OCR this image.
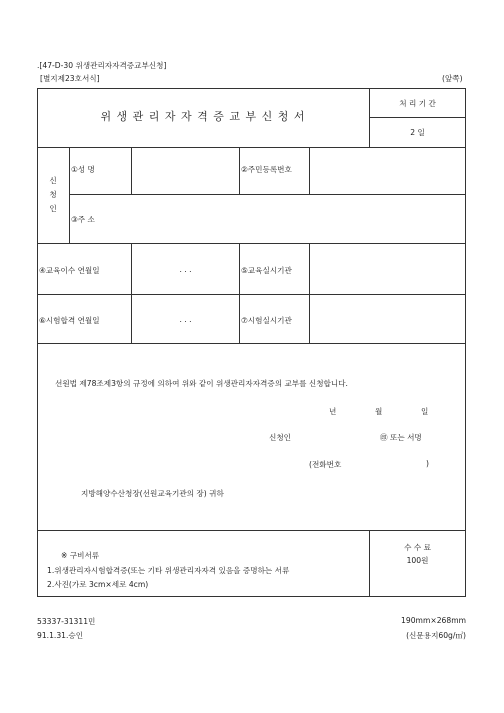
.[47-D-30 위생관리자자격증교부신청]
[별지제23호서식]	(앞쪽)
위 생 관 리 자 자 격 증 교 부 신 청 서
처 리 기 간
2 일
신
청
인
①성 명	②주민등록번호
③주 소
④교육이수 연월일	. . .	⑤교육실시기관
⑥시험합격 연월일	. . .	⑦시험실시기관
선원법 제78조제3항의 규정에 의하여 위와 같이 위생관리자자격증의 교부를 신청합니다.
년	월	일
신청인	㊞ 또는 서명
(전화번호	)
지방해양수산청장(선원교육기관의 장) 귀하
※ 구비서류
1.위생관리자시험합격증(또는 기타 위생관리자자격 있음을 증명하는 서류
2.사진(가로 3cm×세로 4cm)
수 수 료
100원
53337-31311민
91.1.31.승인
190mm×268mm
(신문용지60g/㎡)
